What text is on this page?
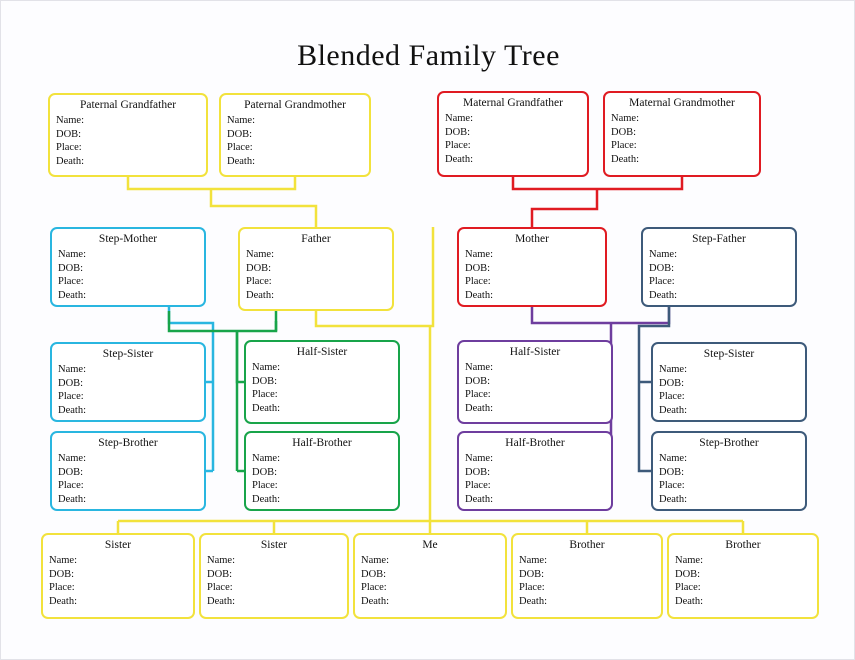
Blended Family Tree
Paternal Grandfather
Name:
DOB:
Place:
Death:
Paternal Grandmother
Name:
DOB:
Place:
Death:
Maternal Grandfather
Name:
DOB:
Place:
Death:
Maternal Grandmother
Name:
DOB:
Place:
Death:
Step-Mother
Name:
DOB:
Place:
Death:
Father
Name:
DOB:
Place:
Death:
Mother
Name:
DOB:
Place:
Death:
Step-Father
Name:
DOB:
Place:
Death:
Step-Sister
Name:
DOB:
Place:
Death:
Half-Sister
Name:
DOB:
Place:
Death:
Half-Sister
Name:
DOB:
Place:
Death:
Step-Sister
Name:
DOB:
Place:
Death:
Step-Brother
Name:
DOB:
Place:
Death:
Half-Brother
Name:
DOB:
Place:
Death:
Half-Brother
Name:
DOB:
Place:
Death:
Step-Brother
Name:
DOB:
Place:
Death:
Sister
Name:
DOB:
Place:
Death:
Sister
Name:
DOB:
Place:
Death:
Me
Name:
DOB:
Place:
Death:
Brother
Name:
DOB:
Place:
Death:
Brother
Name:
DOB:
Place:
Death:
